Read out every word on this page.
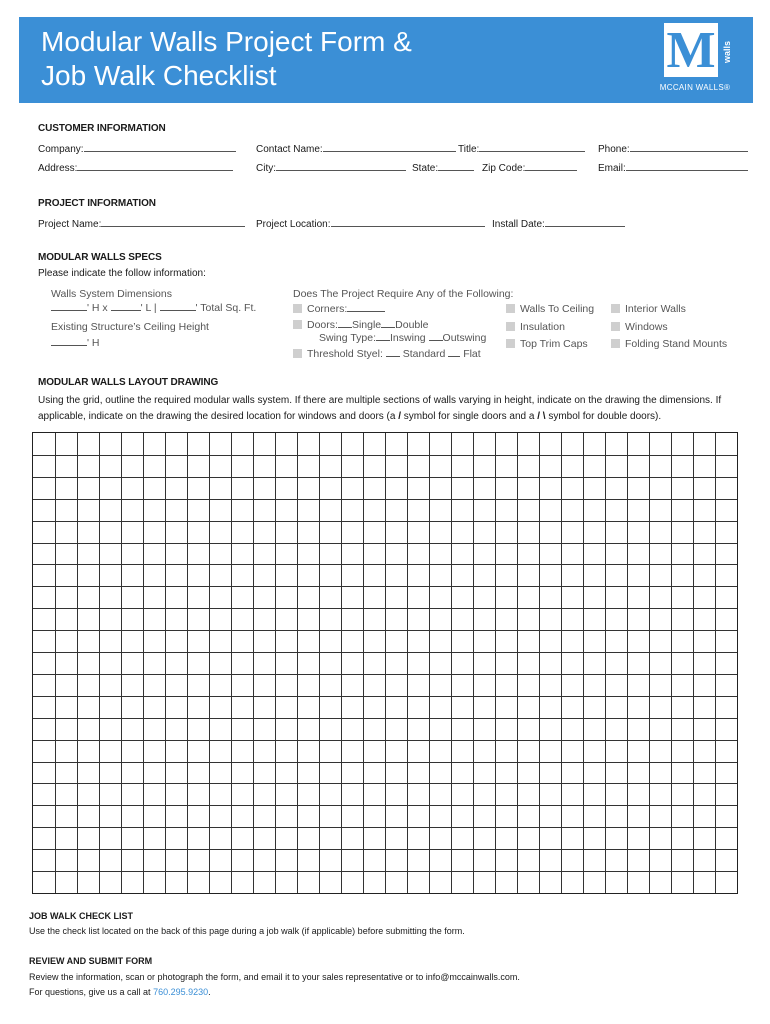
Modular Walls Project Form &
Job Walk Checklist	M walls
MCCAIN WALLS®
CUSTOMER INFORMATION
Company:	Contact Name:	Title:	Phone:
Address:	City:	State:	Zip Code:	Email:
PROJECT INFORMATION
Project Name:	Project Location:	Install Date:
MODULAR WALLS SPECS
Please indicate the follow information:
Walls System Dimensions
' H x	' L |	' Total Sq. Ft.
Existing Structure’s Ceiling Height
' H
Does The Project Require Any of the Following:
Corners:
Doors: Single Double
Swing Type: Inswing Outswing
Threshold Styel: Standard Flat
Walls To Ceiling
Insulation
Top Trim Caps
Interior Walls
Windows
Folding Stand Mounts
MODULAR WALLS LAYOUT DRAWING
Using the grid, outline the required modular walls system. If there are multiple sections of walls varying in height, indicate on the drawing the dimensions. If applicable, indicate on the drawing the desired location for windows and doors (a / symbol for single doors and a / \ symbol for double doors).
JOB WALK CHECK LIST
Use the check list located on the back of this page during a job walk (if applicable) before submitting the form.
REVIEW AND SUBMIT FORM
Review the information, scan or photograph the form, and email it to your sales representative or to info@mccainwalls.com.
For questions, give us a call at 760.295.9230.
